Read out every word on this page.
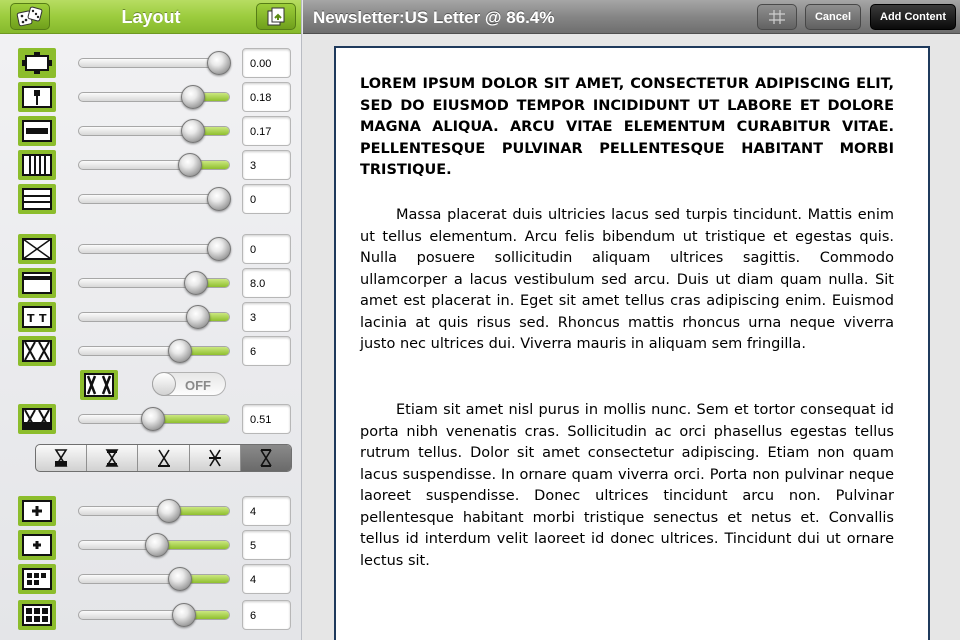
Layout
0.00
0.18
0.17
3
0
0
8.0
T T	3
6
0.51
4
5
4
6
OFF
Newsletter:US Letter @ 86.4%	Cancel	Add Content
LOREM IPSUM DOLOR SIT AMET, CONSECTETUR ADIPISCING ELIT, SED DO EIUSMOD TEMPOR INCIDIDUNT UT LABORE ET DOLORE MAGNA ALIQUA. ARCU VITAE ELEMENTUM CURABITUR VITAE. PELLENTESQUE PULVINAR PELLENTESQUE HABITANT MORBI TRISTIQUE.
Massa placerat duis ultricies lacus sed turpis tincidunt. Mattis enim ut tellus elementum. Arcu felis bibendum ut tristique et egestas quis. Nulla posuere sollicitudin aliquam ultrices sagittis. Commodo ullamcorper a lacus vestibulum sed arcu. Duis ut diam quam nulla. Sit amet est placerat in. Eget sit amet tellus cras adipiscing enim. Euismod lacinia at quis risus sed. Rhoncus mattis rhoncus urna neque viverra justo nec ultrices dui. Viverra mauris in aliquam sem fringilla.
Etiam sit amet nisl purus in mollis nunc. Sem et tortor consequat id porta nibh venenatis cras. Sollicitudin ac orci phasellus egestas tellus rutrum tellus. Dolor sit amet consectetur adipiscing. Etiam non quam lacus suspendisse. In ornare quam viverra orci. Porta non pulvinar neque laoreet suspendisse. Donec ultrices tincidunt arcu non. Pulvinar pellentesque habitant morbi tristique senectus et netus et. Convallis tellus id interdum velit laoreet id donec ultrices. Tincidunt dui ut ornare lectus sit.
